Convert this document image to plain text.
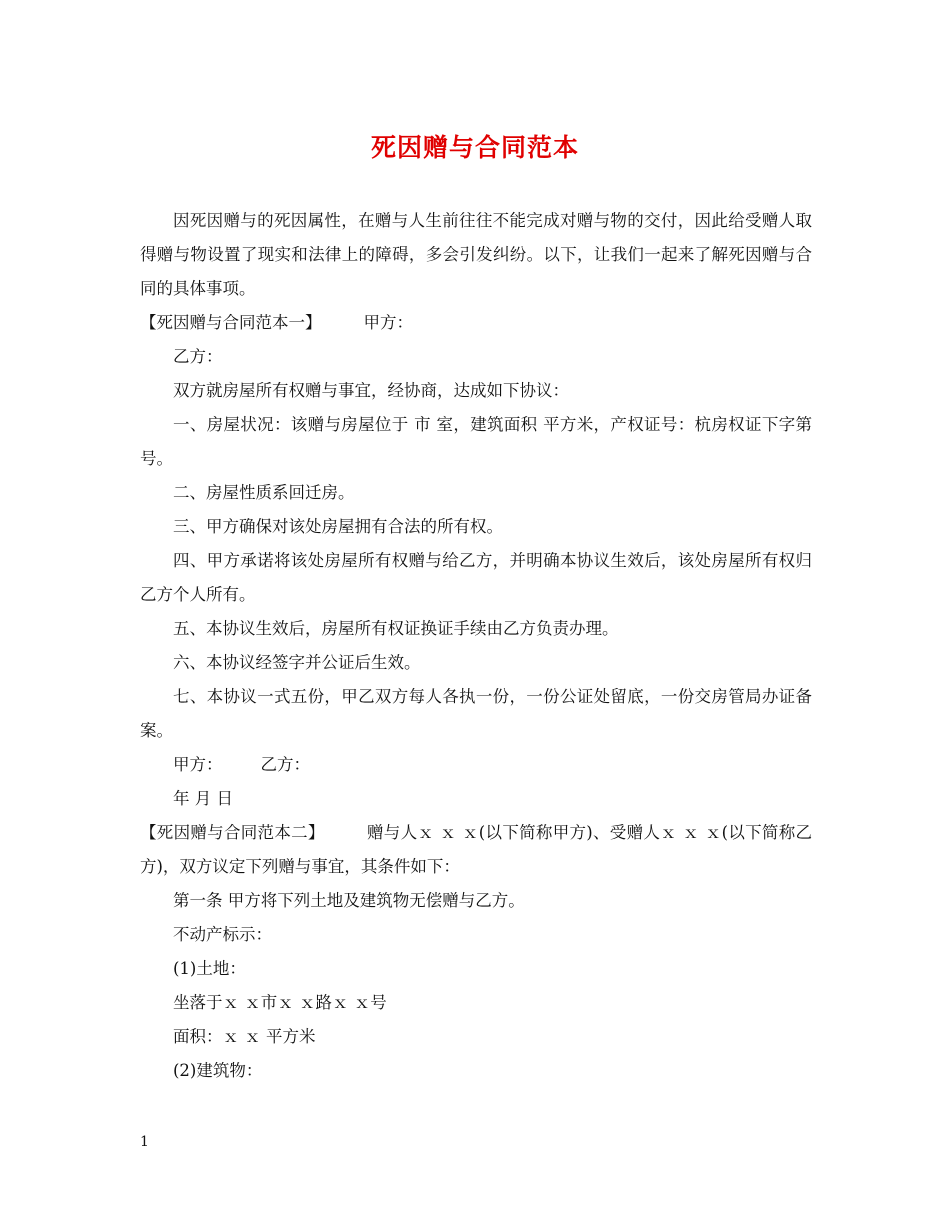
死因赠与合同范本

因死因赠与的死因属性，在赠与人生前往往不能完成对赠与物的交付，因此给受赠人取得赠与物设置了现实和法律上的障碍，多会引发纠纷。以下，让我们一起来了解死因赠与合同的具体事项。

【死因赠与合同范本一】	甲方：

乙方：

双方就房屋所有权赠与事宜，经协商，达成如下协议：

一、房屋状况：该赠与房屋位于 市 室，建筑面积 平方米，产权证号：杭房权证下字第 号。

二、房屋性质系回迁房。

三、甲方确保对该处房屋拥有合法的所有权。

四、甲方承诺将该处房屋所有权赠与给乙方，并明确本协议生效后，该处房屋所有权归乙方个人所有。

五、本协议生效后，房屋所有权证换证手续由乙方负责办理。

六、本协议经签字并公证后生效。

七、本协议一式五份，甲乙双方每人各执一份，一份公证处留底，一份交房管局办证备案。

甲方： 乙方：

年 月 日

【死因赠与合同范本二】	赠与人ｘ ｘ ｘ(以下简称甲方)、受赠人ｘ ｘ ｘ(以下简称乙方)，双方议定下列赠与事宜，其条件如下：

第一条 甲方将下列土地及建筑物无偿赠与乙方。

不动产标示：

(1)土地：

坐落于ｘ ｘ市ｘ ｘ路ｘ ｘ号

面积：ｘ ｘ 平方米

(2)建筑物：

1
